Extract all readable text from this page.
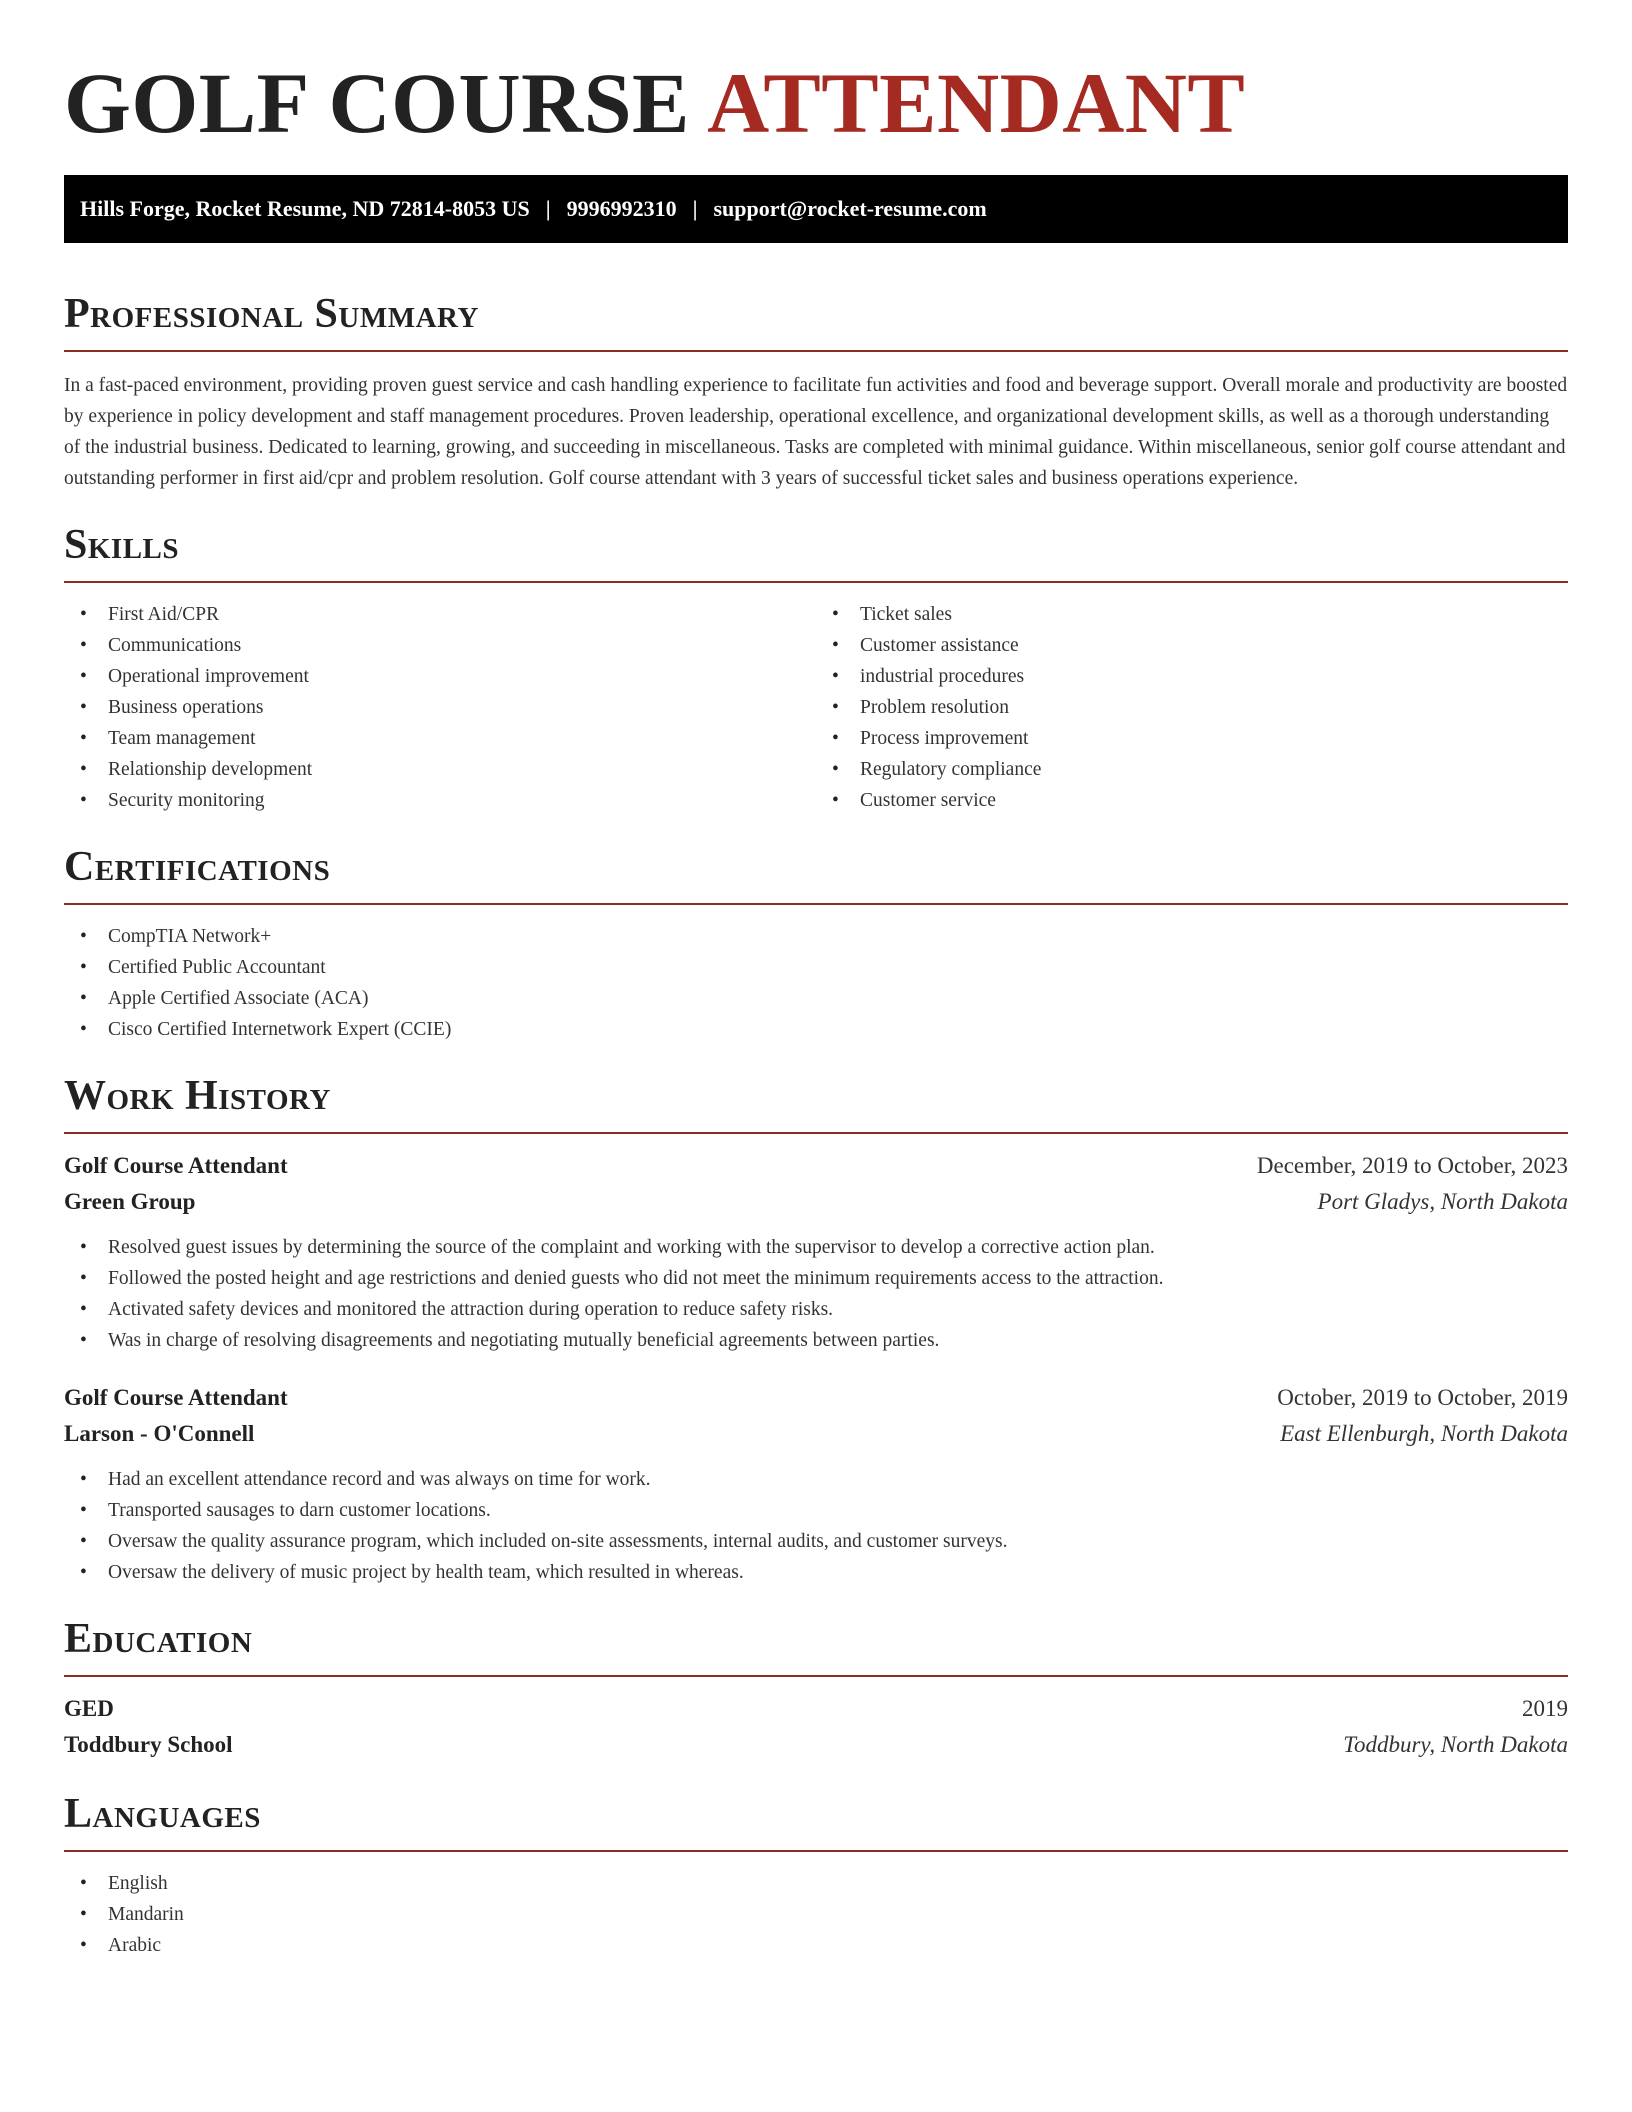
GOLF COURSE ATTENDANT
Hills Forge, Rocket Resume, ND 72814-8053 US | 9996992310 | support@rocket-resume.com
Professional Summary

In a fast-paced environment, providing proven guest service and cash handling experience to facilitate fun activities and food and beverage support. Overall morale and productivity are boosted by experience in policy development and staff management procedures. Proven leadership, operational excellence, and organizational development skills, as well as a thorough understanding of the industrial business. Dedicated to learning, growing, and succeeding in miscellaneous. Tasks are completed with minimal guidance. Within miscellaneous, senior golf course attendant and outstanding performer in first aid/cpr and problem resolution. Golf course attendant with 3 years of successful ticket sales and business operations experience.

Skills
• First Aid/CPR
• Communications
• Operational improvement
• Business operations
• Team management
• Relationship development
• Security monitoring
• Ticket sales
• Customer assistance
• industrial procedures
• Problem resolution
• Process improvement
• Regulatory compliance
• Customer service
Certifications
• CompTIA Network+
• Certified Public Accountant
• Apple Certified Associate (ACA)
• Cisco Certified Internetwork Expert (CCIE)
Work History
Golf Course Attendant	December, 2019 to October, 2023
Green Group	Port Gladys, North Dakota
• Resolved guest issues by determining the source of the complaint and working with the supervisor to develop a corrective action plan.
• Followed the posted height and age restrictions and denied guests who did not meet the minimum requirements access to the attraction.
• Activated safety devices and monitored the attraction during operation to reduce safety risks.
• Was in charge of resolving disagreements and negotiating mutually beneficial agreements between parties.
Golf Course Attendant	October, 2019 to October, 2019
Larson - O'Connell	East Ellenburgh, North Dakota
• Had an excellent attendance record and was always on time for work.
• Transported sausages to darn customer locations.
• Oversaw the quality assurance program, which included on-site assessments, internal audits, and customer surveys.
• Oversaw the delivery of music project by health team, which resulted in whereas.
Education
GED	2019
Toddbury School	Toddbury, North Dakota
Languages
• English
• Mandarin
• Arabic
